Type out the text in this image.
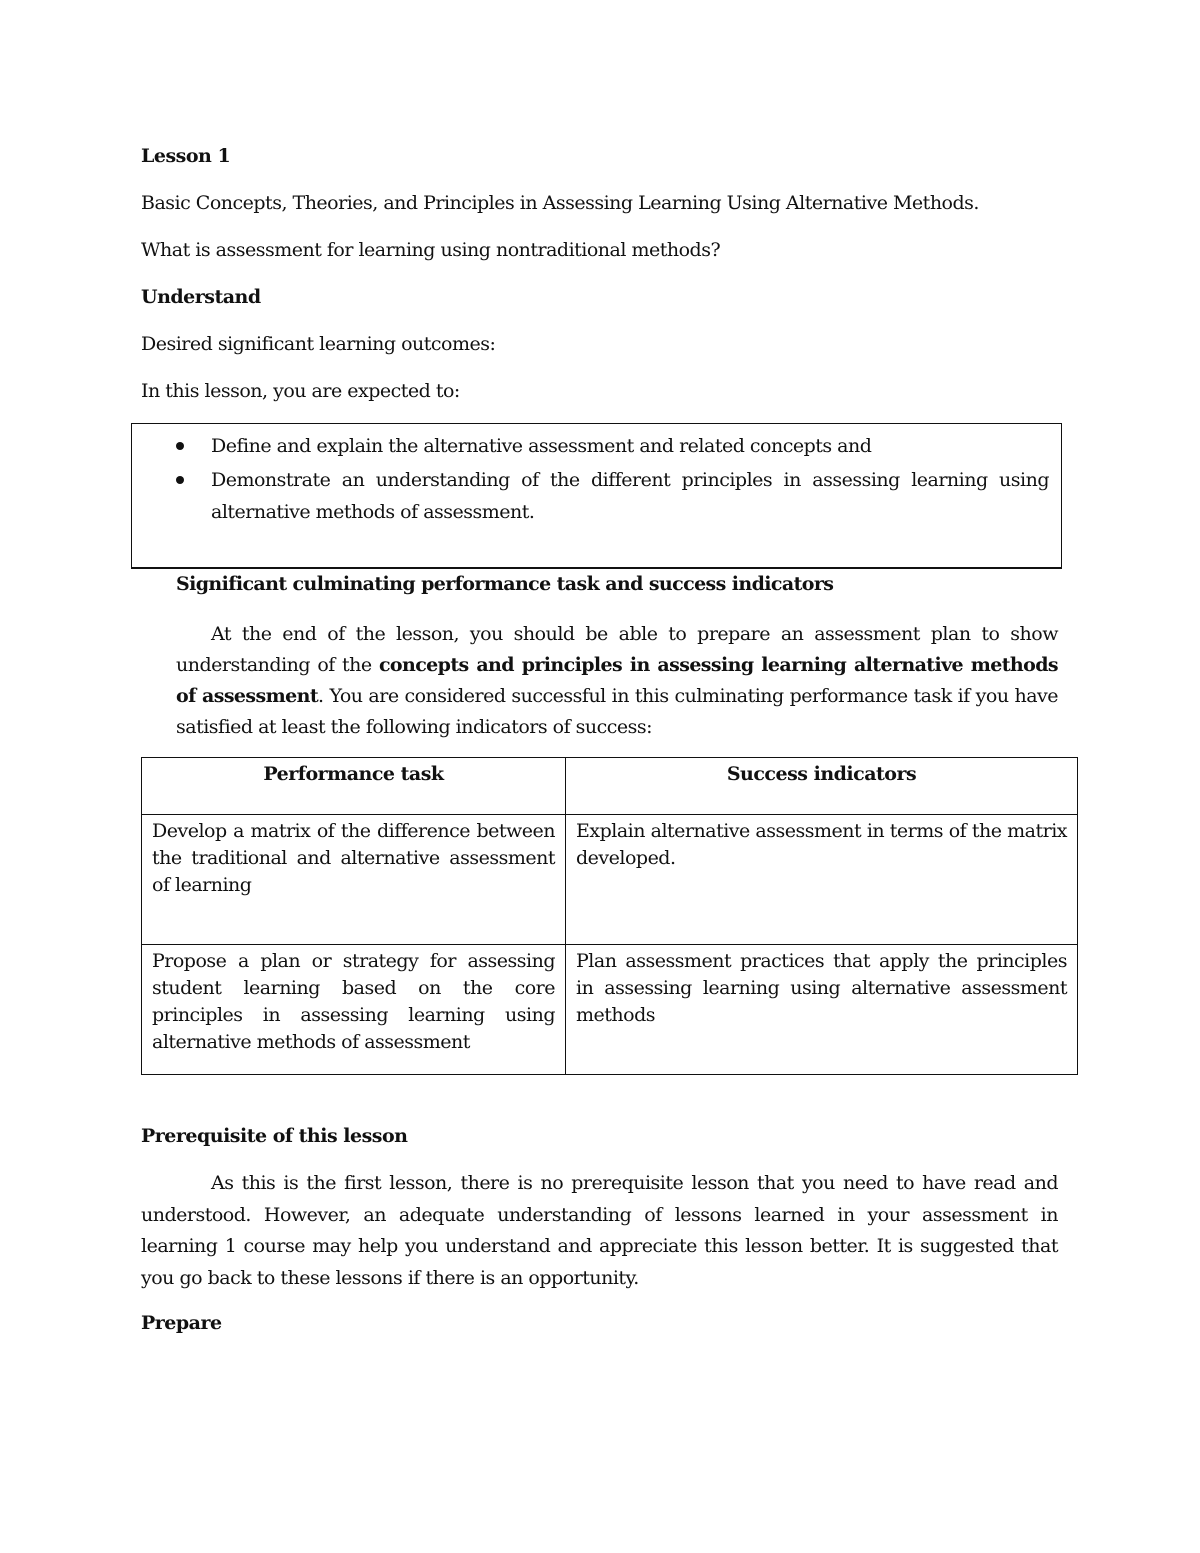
Lesson 1
Basic Concepts, Theories, and Principles in Assessing Learning Using Alternative Methods.
What is assessment for learning using nontraditional methods?
Understand
Desired significant learning outcomes:
In this lesson, you are expected to:
Define and explain the alternative assessment and related concepts and
Demonstrate an understanding of the different principles in assessing learning using alternative methods of assessment.
Significant culminating performance task and success indicators
At the end of the lesson, you should be able to prepare an assessment plan to show understanding of the concepts and principles in assessing learning alternative methods of assessment. You are considered successful in this culminating performance task if you have satisfied at least the following indicators of success:
Performance task	Success indicators
Develop a matrix of the difference between the traditional and alternative assessment of learning	Explain alternative assessment in terms of the matrix developed.
Propose a plan or strategy for assessing student learning based on the core principles in assessing learning using alternative methods of assessment	Plan assessment practices that apply the principles in assessing learning using alternative assessment methods
Prerequisite of this lesson
As this is the first lesson, there is no prerequisite lesson that you need to have read and understood. However, an adequate understanding of lessons learned in your assessment in learning 1 course may help you understand and appreciate this lesson better. It is suggested that you go back to these lessons if there is an opportunity.
Prepare
